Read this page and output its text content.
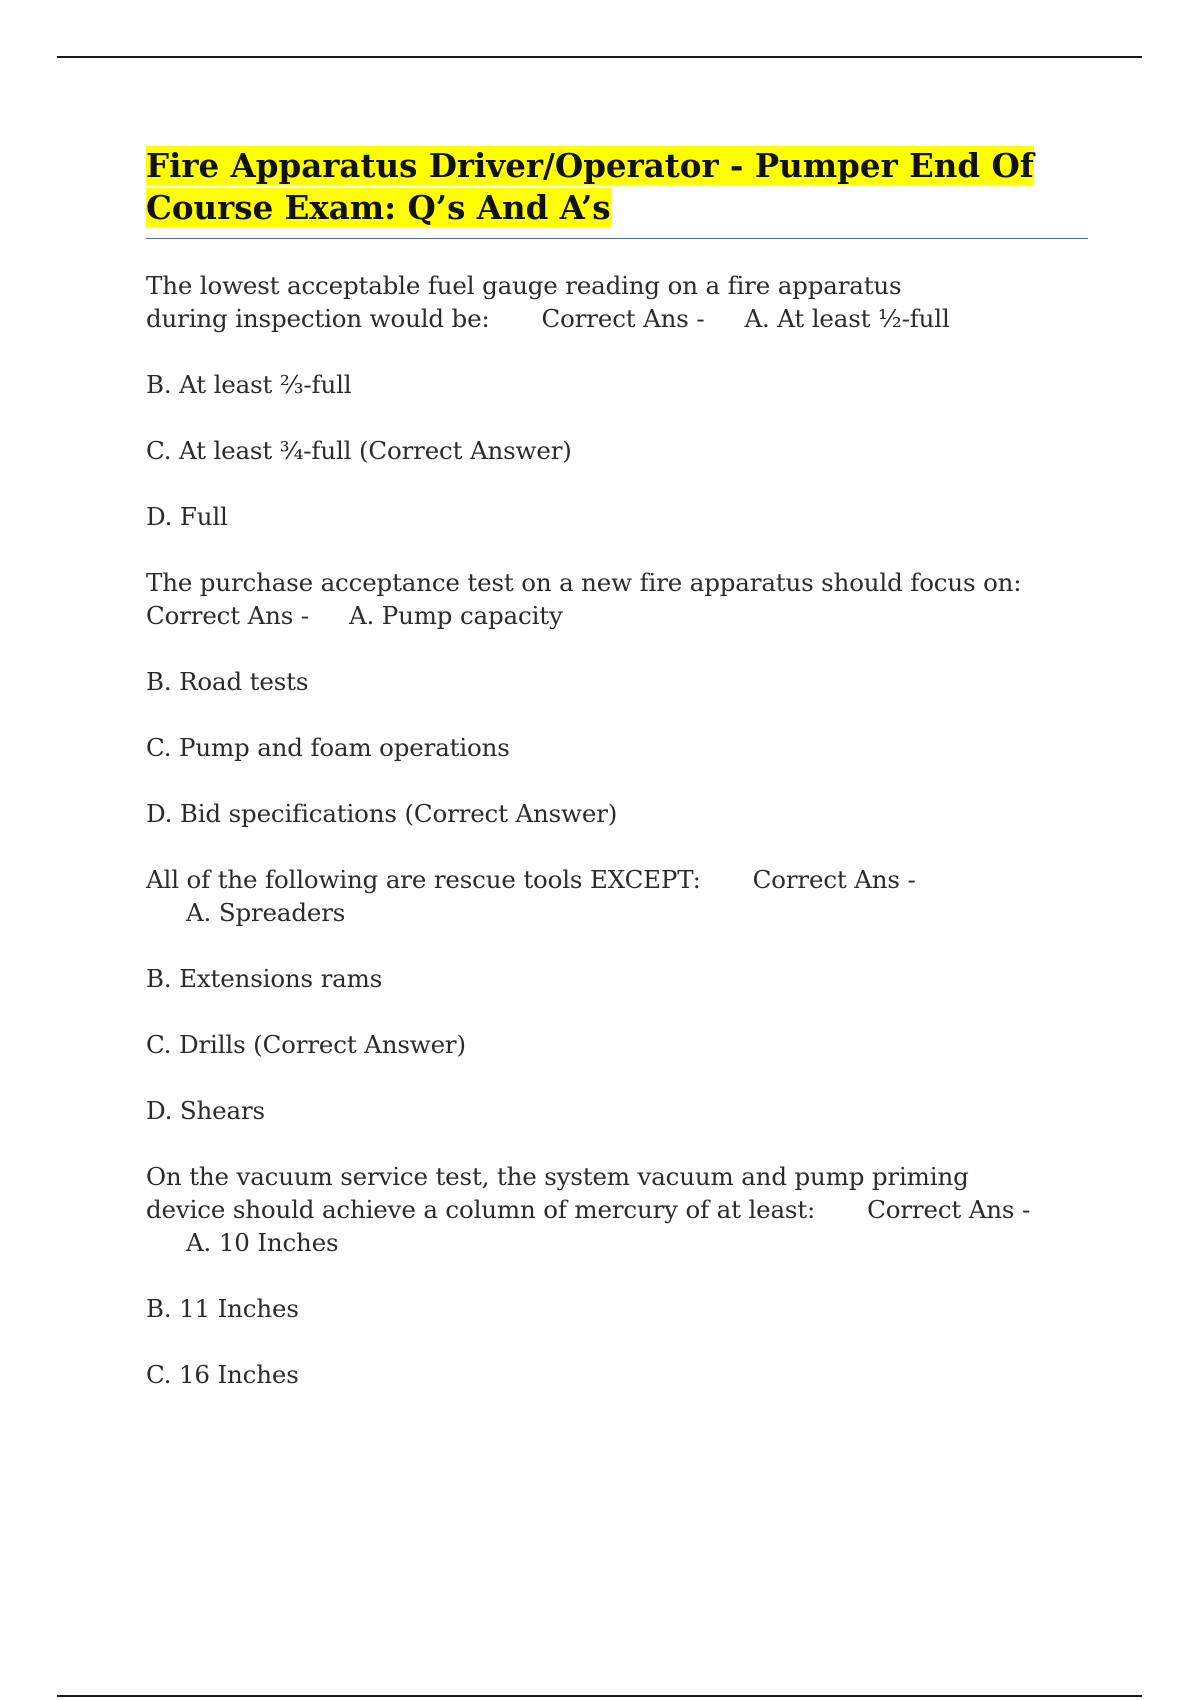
Fire Apparatus Driver/Operator - Pumper End Of Course Exam: Q’s And A’s
The lowest acceptable fuel gauge reading on a fire apparatus during inspection would be: Correct Ans - A. At least ½-full
B. At least ⅔-full
C. At least ¾-full (Correct Answer)
D. Full
The purchase acceptance test on a new fire apparatus should focus on:
Correct Ans - A. Pump capacity
B. Road tests
C. Pump and foam operations
D. Bid specifications (Correct Answer)
All of the following are rescue tools EXCEPT: Correct Ans -A. Spreaders
B. Extensions rams
C. Drills (Correct Answer)
D. Shears
On the vacuum service test, the system vacuum and pump priming device should achieve a column of mercury of at least: Correct Ans -A. 10 Inches
B. 11 Inches
C. 16 Inches
